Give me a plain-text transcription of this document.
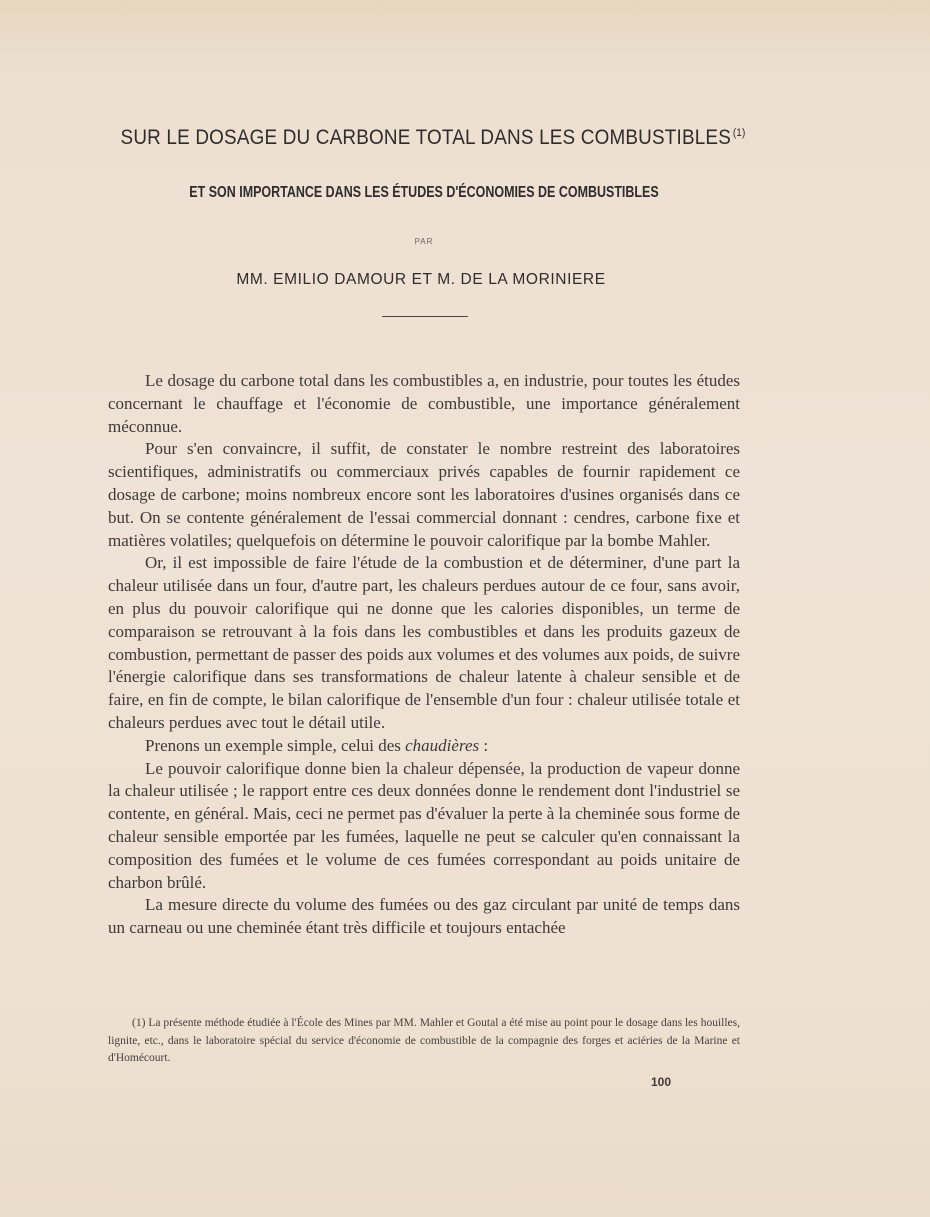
SUR LE DOSAGE DU CARBONE TOTAL DANS LES COMBUSTIBLES $^{(1)}$
ET SON IMPORTANCE DANS LES ÉTUDES D'ÉCONOMIES DE COMBUSTIBLES
PAR
MM. EMILIO DAMOUR ET M. DE LA MORINIERE

Le dosage du carbone total dans les combustibles a, en industrie, pour toutes les études concernant le chauffage et l'économie de combustible, une importance généralement méconnue.

Pour s'en convaincre, il suffit, de constater le nombre restreint des laboratoires scientifiques, administratifs ou commerciaux privés capables de fournir rapidement ce dosage de carbone; moins nombreux encore sont les laboratoires d'usines organisés dans ce but. On se contente généralement de l'essai commercial donnant : cendres, carbone fixe et matières volatiles; quelquefois on détermine le pouvoir calorifique par la bombe Mahler.

Or, il est impossible de faire l'étude de la combustion et de déterminer, d'une part la chaleur utilisée dans un four, d'autre part, les chaleurs perdues autour de ce four, sans avoir, en plus du pouvoir calorifique qui ne donne que les calories disponibles, un terme de comparaison se retrouvant à la fois dans les combustibles et dans les produits gazeux de combustion, permettant de passer des poids aux volumes et des volumes aux poids, de suivre l'énergie calorifique dans ses transformations de chaleur latente à chaleur sensible et de faire, en fin de compte, le bilan calorifique de l'ensemble d'un four : chaleur utilisée totale et chaleurs perdues avec tout le détail utile.

Prenons un exemple simple, celui des chaudières :

Le pouvoir calorifique donne bien la chaleur dépensée, la production de vapeur donne la chaleur utilisée ; le rapport entre ces deux données donne le rendement dont l'industriel se contente, en général. Mais, ceci ne permet pas d'évaluer la perte à la cheminée sous forme de chaleur sensible emportée par les fumées, laquelle ne peut se calculer qu'en connaissant la composition des fumées et le volume de ces fumées correspondant au poids unitaire de charbon brûlé.

La mesure directe du volume des fumées ou des gaz circulant par unité de temps dans un carneau ou une cheminée étant très difficile et toujours entachée

(1) La présente méthode étudiée à l'École des Mines par MM. Mahler et Goutal a été mise au point pour le dosage dans les houilles, lignite, etc., dans le laboratoire spécial du service d'économie de combustible de la compagnie des forges et aciéries de la Marine et d'Homécourt.

100
